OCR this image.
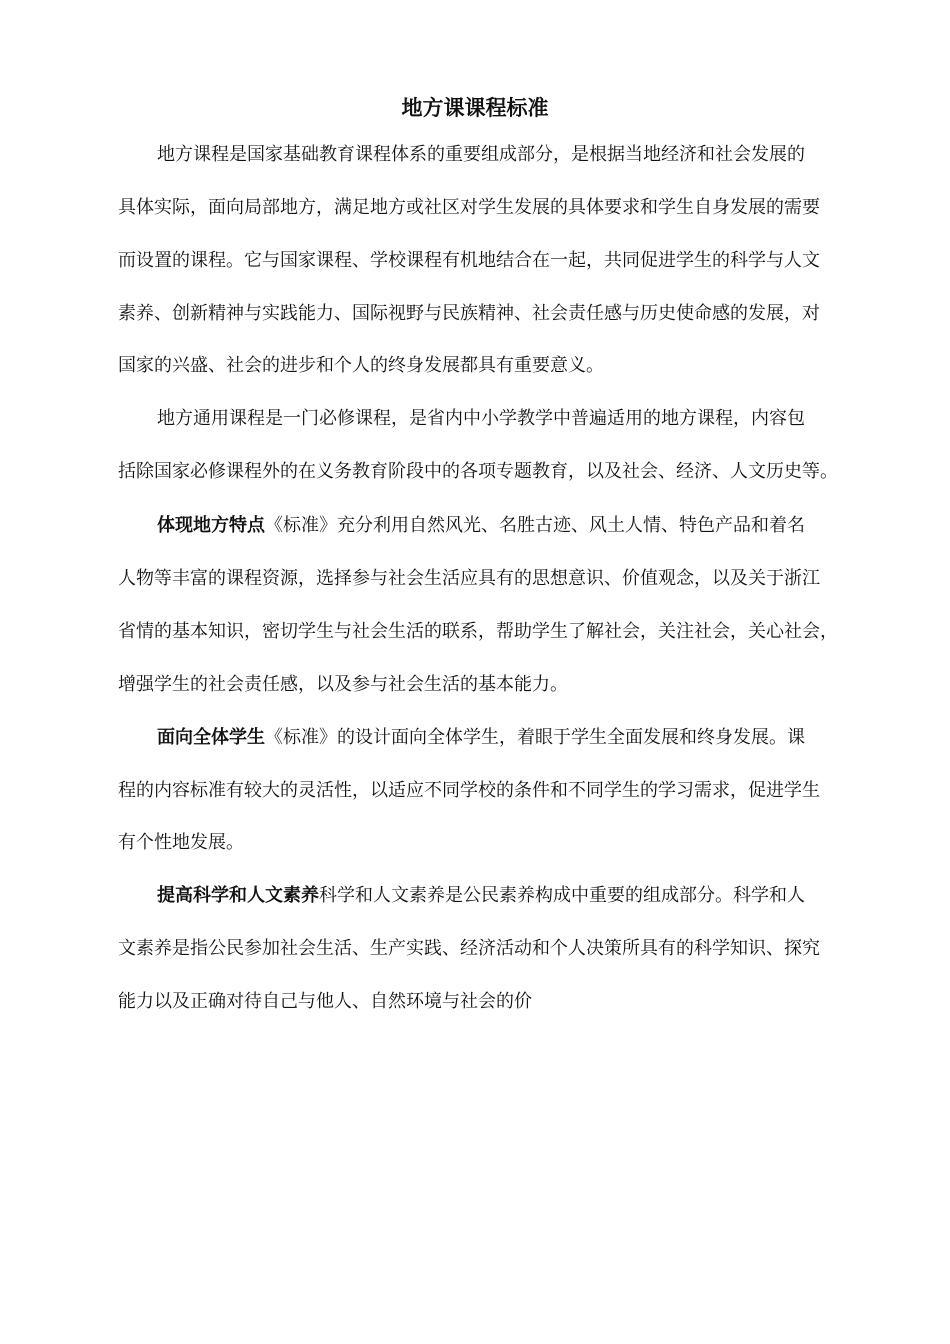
地方课课程标准

地方课程是国家基础教育课程体系的重要组成部分，是根据当地经济和社会发展的

具体实际，面向局部地方，满足地方或社区对学生发展的具体要求和学生自身发展的需要

而设置的课程。它与国家课程、学校课程有机地结合在一起，共同促进学生的科学与人文

素养、创新精神与实践能力、国际视野与民族精神、社会责任感与历史使命感的发展，对

国家的兴盛、社会的进步和个人的终身发展都具有重要意义。

地方通用课程是一门必修课程，是省内中小学教学中普遍适用的地方课程，内容包

括除国家必修课程外的在义务教育阶段中的各项专题教育，以及社会、经济、人文历史等。

体现地方特点《标准》充分利用自然风光、名胜古迹、风土人情、特色产品和着名

人物等丰富的课程资源，选择参与社会生活应具有的思想意识、价值观念，以及关于浙江

省情的基本知识，密切学生与社会生活的联系，帮助学生了解社会，关注社会，关心社会，

增强学生的社会责任感，以及参与社会生活的基本能力。

面向全体学生《标准》的设计面向全体学生，着眼于学生全面发展和终身发展。课

程的内容标准有较大的灵活性，以适应不同学校的条件和不同学生的学习需求，促进学生

有个性地发展。

提高科学和人文素养科学和人文素养是公民素养构成中重要的组成部分。科学和人

文素养是指公民参加社会生活、生产实践、经济活动和个人决策所具有的科学知识、探究

能力以及正确对待自己与他人、自然环境与社会的价
